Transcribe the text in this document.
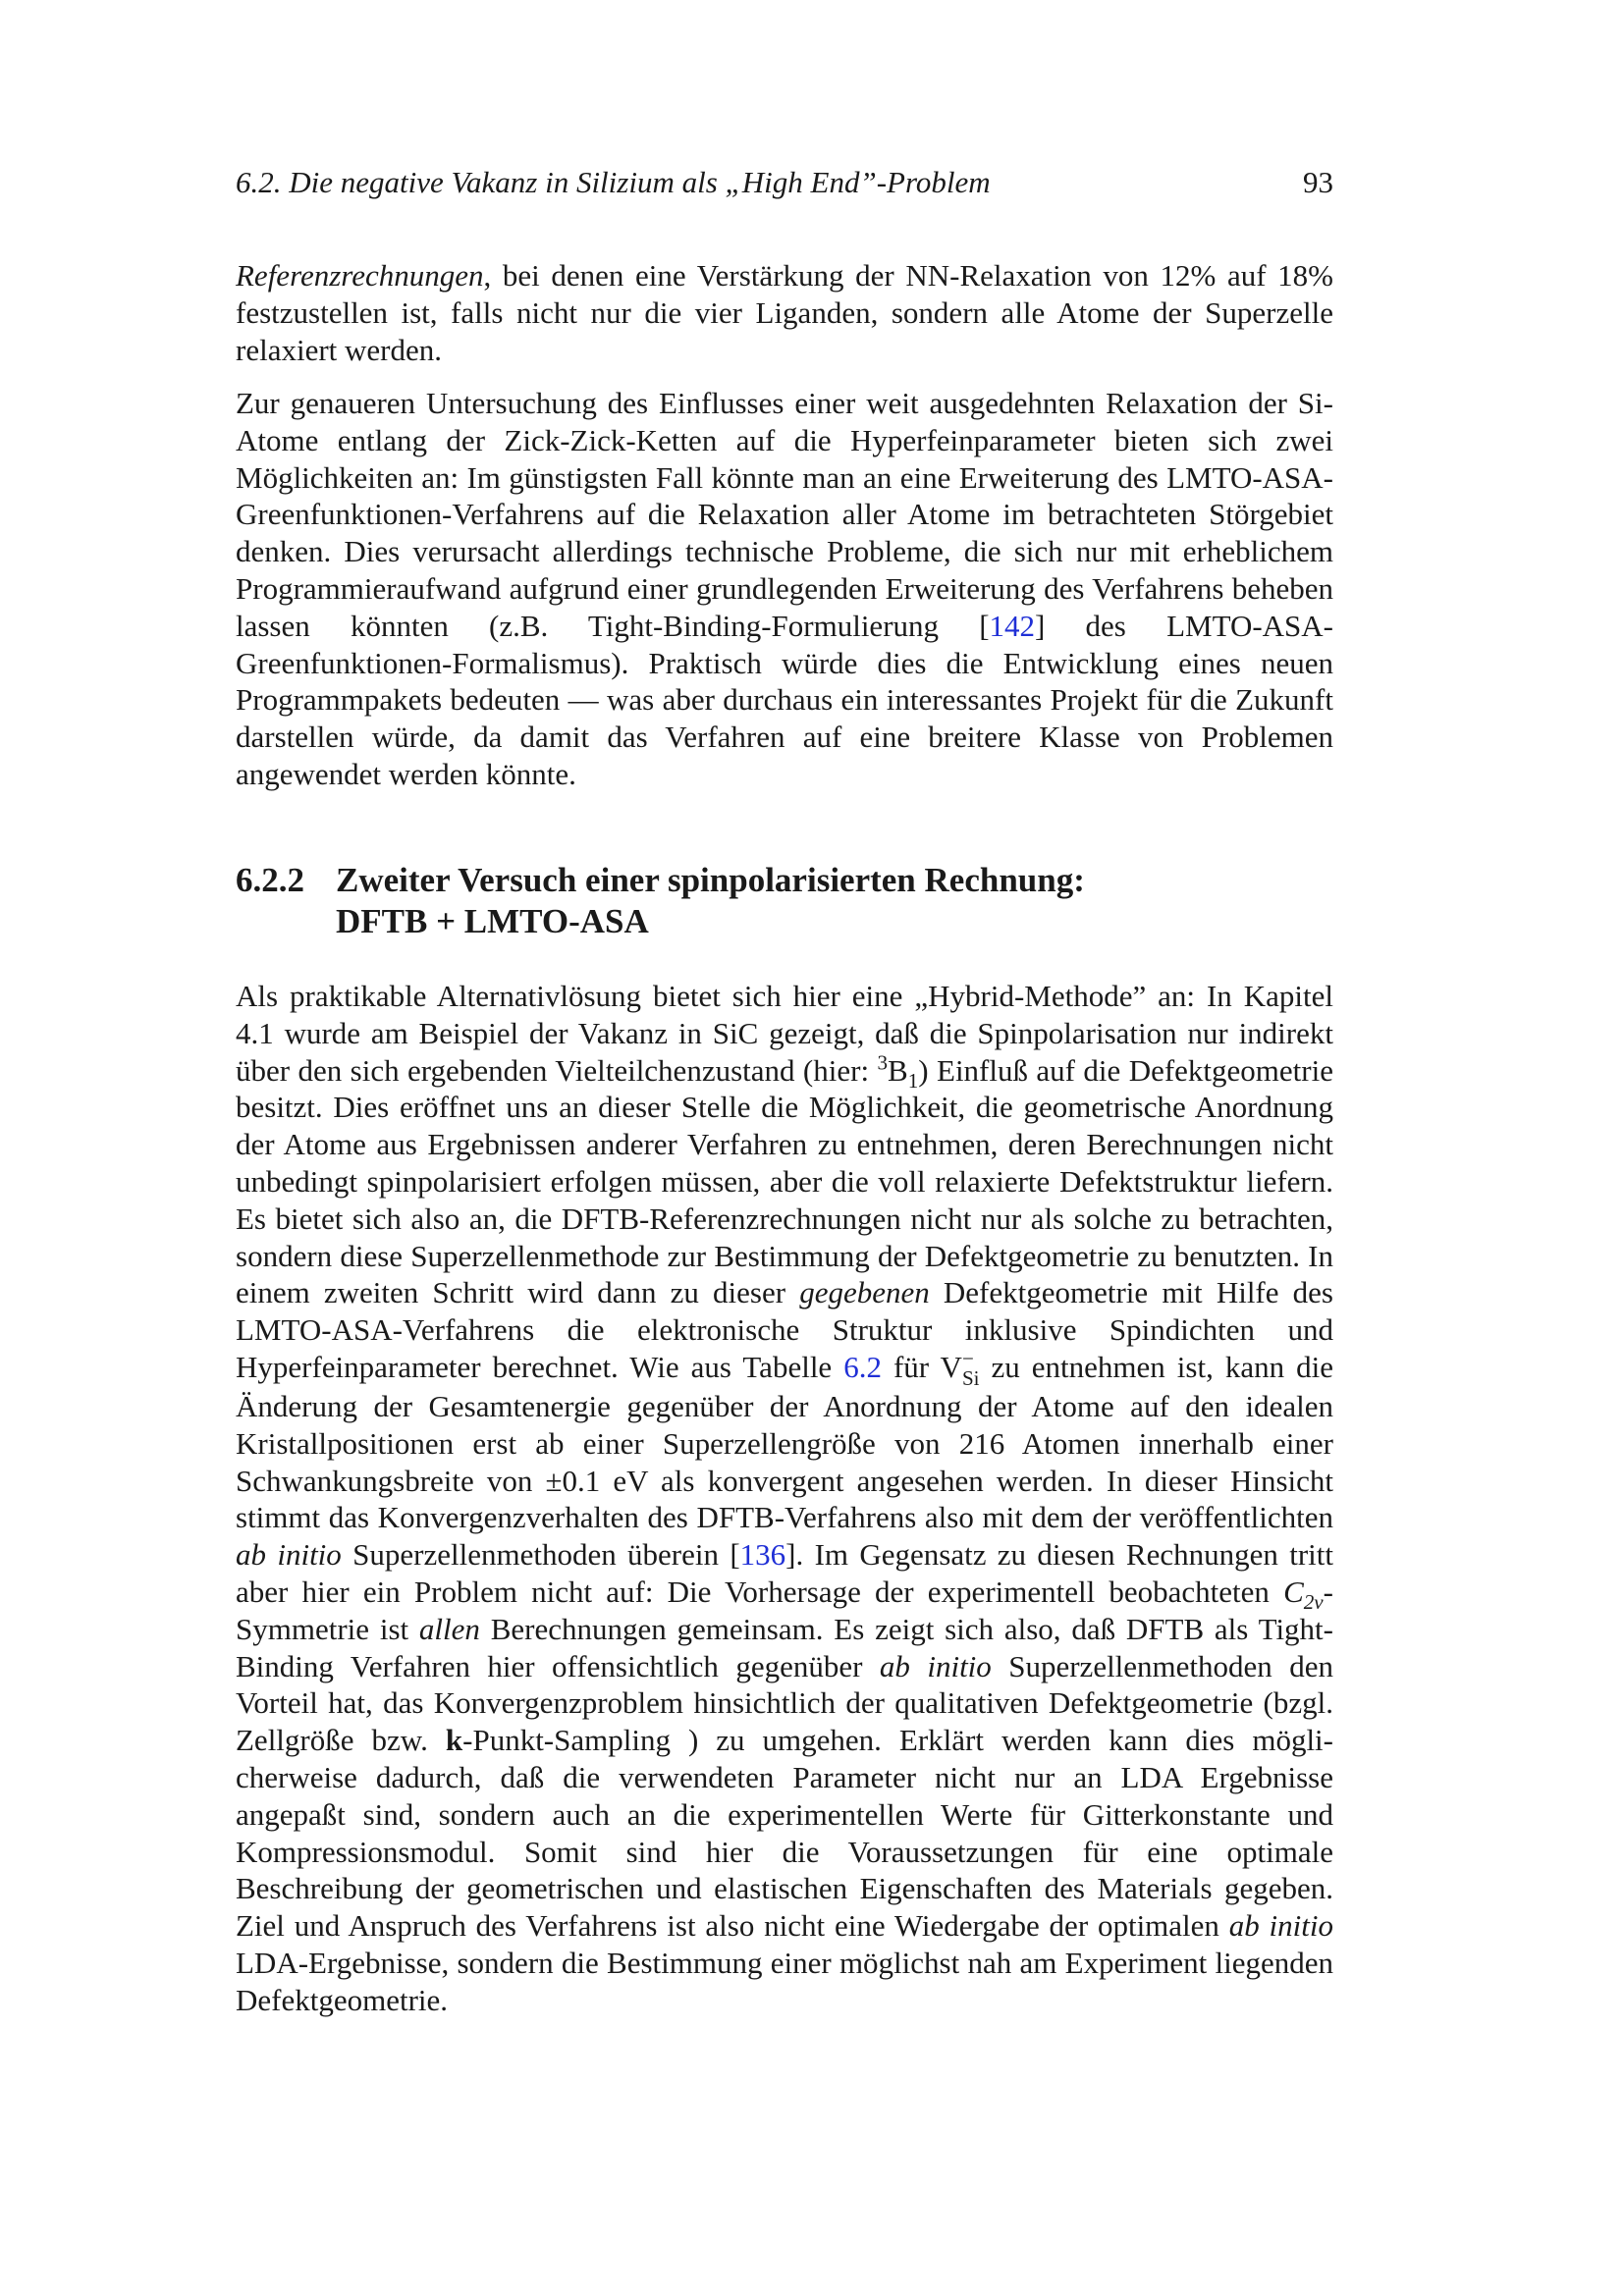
6.2. Die negative Vakanz in Silizium als „High End”-Problem	93

Referenzrechnungen, bei denen eine Verstärkung der NN-Relaxation von 12% auf 18% festzustellen ist, falls nicht nur die vier Liganden, sondern alle Atome der Superzelle relaxiert werden.

Zur genaueren Untersuchung des Einflusses einer weit ausgedehnten Relaxation der Si-Atome entlang der Zick-Zick-Ketten auf die Hyperfeinparameter bieten sich zwei Möglichkeiten an: Im günstigsten Fall könnte man an eine Erweiterung des LMTO-ASA-Greenfunktionen-Verfahrens auf die Relaxation aller Atome im betrachteten Störgebiet denken. Dies verursacht allerdings technische Probleme, die sich nur mit erheblichem Programmieraufwand aufgrund einer grundlegenden Erweiterung des Verfahrens beheben lassen könnten (z.B. Tight-Binding-Formulierung [142] des LMTO-ASA-Greenfunktionen-Formalismus). Praktisch würde dies die Entwicklung eines neuen Programmpakets bedeuten — was aber durchaus ein interessantes Projekt für die Zukunft darstellen würde, da damit das Verfahren auf eine breitere Klasse von Problemen angewendet werden könnte.

6.2.2 Zweiter Versuch einer spinpolarisierten Rechnung:
DFTB + LMTO-ASA

Als praktikable Alternativlösung bietet sich hier eine „Hybrid-Methode” an: In Kapitel 4.1 wurde am Beispiel der Vakanz in SiC gezeigt, daß die Spinpolarisation nur indirekt über den sich ergebenden Vielteilchenzustand (hier: $^3B_1$) Einfluß auf die Defektgeometrie besitzt. Dies eröffnet uns an dieser Stelle die Möglichkeit, die geometrische Anordnung der Atome aus Ergebnissen anderer Verfahren zu entnehmen, deren Berechnungen nicht unbedingt spinpolarisiert erfolgen müssen, aber die voll relaxierte Defektstruktur liefern. Es bietet sich also an, die DFTB-Referenzrechnungen nicht nur als solche zu betrachten, sondern diese Superzellenmethode zur Bestimmung der Defektgeometrie zu benutzten. In einem zweiten Schritt wird dann zu dieser gegebenen Defektgeometrie mit Hilfe des LMTO-ASA-Verfahrens die elektronische Struktur inklusive Spindichten und Hyperfeinparameter berechnet. Wie aus Tabelle 6.2 für V −
Si zu entnehmen ist, kann die Änderung der Gesamtenergie gegenüber der Anordnung der Atome auf den idealen Kristallpositionen erst ab einer Superzellengröße von 216 Atomen innerhalb einer Schwankungsbreite von ±0.1 eV als konvergent angesehen werden. In dieser Hinsicht stimmt das Konvergenzverhalten des DFTB-Verfahrens also mit dem der veröffentlichten ab initio Superzellenmethoden überein [136]. Im Gegensatz zu diesen Rechnungen tritt aber hier ein Problem nicht auf: Die Vorhersage der experimentell beobachteten $C_{2v}$-Symmetrie ist allen Berechnungen gemeinsam. Es zeigt sich also, daß DFTB als Tight-Binding Verfahren hier offensichtlich gegenüber ab initio Superzellenmethoden den Vorteil hat, das Konvergenzproblem hinsichtlich der qualitativen Defektgeometrie (bzgl. Zellgröße bzw. k-Punkt-Sampling ) zu umgehen. Erklärt werden kann dies möglicherweise dadurch, daß die verwendeten Parameter nicht nur an LDA Ergebnisse angepaßt sind, sondern auch an die experimentellen Werte für Gitterkonstante und Kompressionsmodul. Somit sind hier die Voraussetzungen für eine optimale Beschreibung der geometrischen und elastischen Eigenschaften des Materials gegeben. Ziel und Anspruch des Verfahrens ist also nicht eine Wiedergabe der optimalen ab initio LDA-Ergebnisse, sondern die Bestimmung einer möglichst nah am Experiment liegenden Defektgeometrie.
